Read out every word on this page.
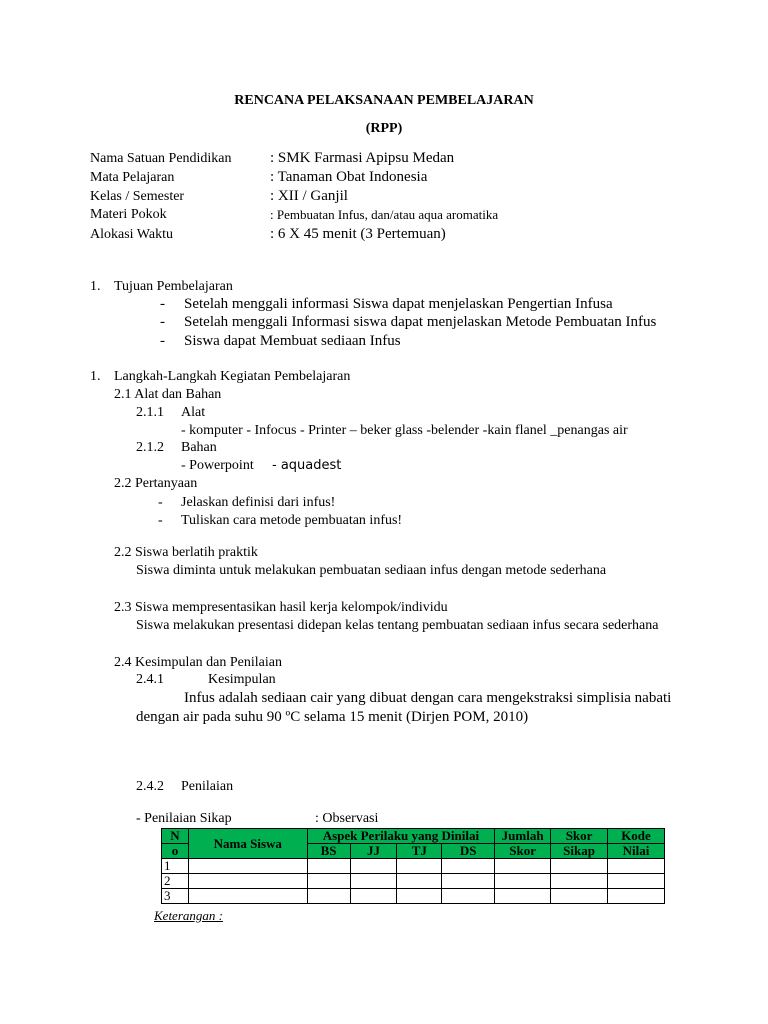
RENCANA PELAKSANAAN PEMBELAJARAN
(RPP)
Nama Satuan Pendidikan	: SMK Farmasi Apipsu Medan
Mata Pelajaran	: Tanaman Obat Indonesia
Kelas / Semester	: XII / Ganjil
Materi Pokok	: Pembuatan Infus, dan/atau aqua aromatika
Alokasi Waktu	: 6 X 45 menit (3 Pertemuan)
1. Tujuan Pembelajaran
- Setelah menggali informasi Siswa dapat menjelaskan Pengertian Infusa
- Setelah menggali Informasi siswa dapat menjelaskan Metode Pembuatan Infus
- Siswa dapat Membuat sediaan Infus
1. Langkah-Langkah Kegiatan Pembelajaran
2.1 Alat dan Bahan
2.1.1 Alat
- komputer - Infocus - Printer – beker glass -belender -kain flanel _penangas air
2.1.2 Bahan
- Powerpoint - aquadest
2.2 Pertanyaan
- Jelaskan definisi dari infus!
- Tuliskan cara metode pembuatan infus!
2.2 Siswa berlatih praktik
Siswa diminta untuk melakukan pembuatan sediaan infus dengan metode sederhana
2.3 Siswa mempresentasikan hasil kerja kelompok/individu
Siswa melakukan presentasi didepan kelas tentang pembuatan sediaan infus secara sederhana
2.4 Kesimpulan dan Penilaian
2.4.1	Kesimpulan
Infus adalah sediaan cair yang dibuat dengan cara mengekstraksi simplisia nabati
dengan air pada suhu 90 ºC selama 15 menit (Dirjen POM, 2010)
2.4.2 Penilaian
- Penilaian Sikap	: Observasi
N	Nama Siswa	Aspek Perilaku yang Dinilai				Jumlah	Skor	Kode
o		BS	JJ	TJ	DS	Skor	Sikap	Nilai
1								
2								
3								
Keterangan :
